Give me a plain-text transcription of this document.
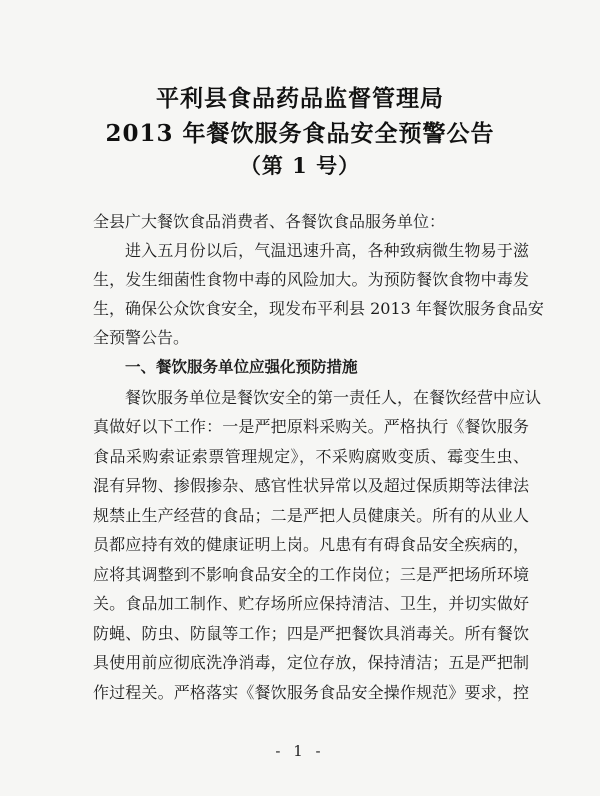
平利县食品药品监督管理局
2013 年餐饮服务食品安全预警公告
（第 1 号）
全县广大餐饮食品消费者、各餐饮食品服务单位：
进入五月份以后，气温迅速升高，各种致病微生物易于滋
生，发生细菌性食物中毒的风险加大。为预防餐饮食物中毒发
生，确保公众饮食安全，现发布平利县 2013 年餐饮服务食品安
全预警公告。
一、餐饮服务单位应强化预防措施
餐饮服务单位是餐饮安全的第一责任人，在餐饮经营中应认
真做好以下工作：一是严把原料采购关。严格执行《餐饮服务
食品采购索证索票管理规定》，不采购腐败变质、霉变生虫、
混有异物、掺假掺杂、感官性状异常以及超过保质期等法律法
规禁止生产经营的食品；二是严把人员健康关。所有的从业人
员都应持有效的健康证明上岗。凡患有有碍食品安全疾病的，
应将其调整到不影响食品安全的工作岗位；三是严把场所环境
关。食品加工制作、贮存场所应保持清洁、卫生，并切实做好
防蝇、防虫、防鼠等工作；四是严把餐饮具消毒关。所有餐饮
具使用前应彻底洗净消毒，定位存放，保持清洁；五是严把制
作过程关。严格落实《餐饮服务食品安全操作规范》要求，控
- 1 -
